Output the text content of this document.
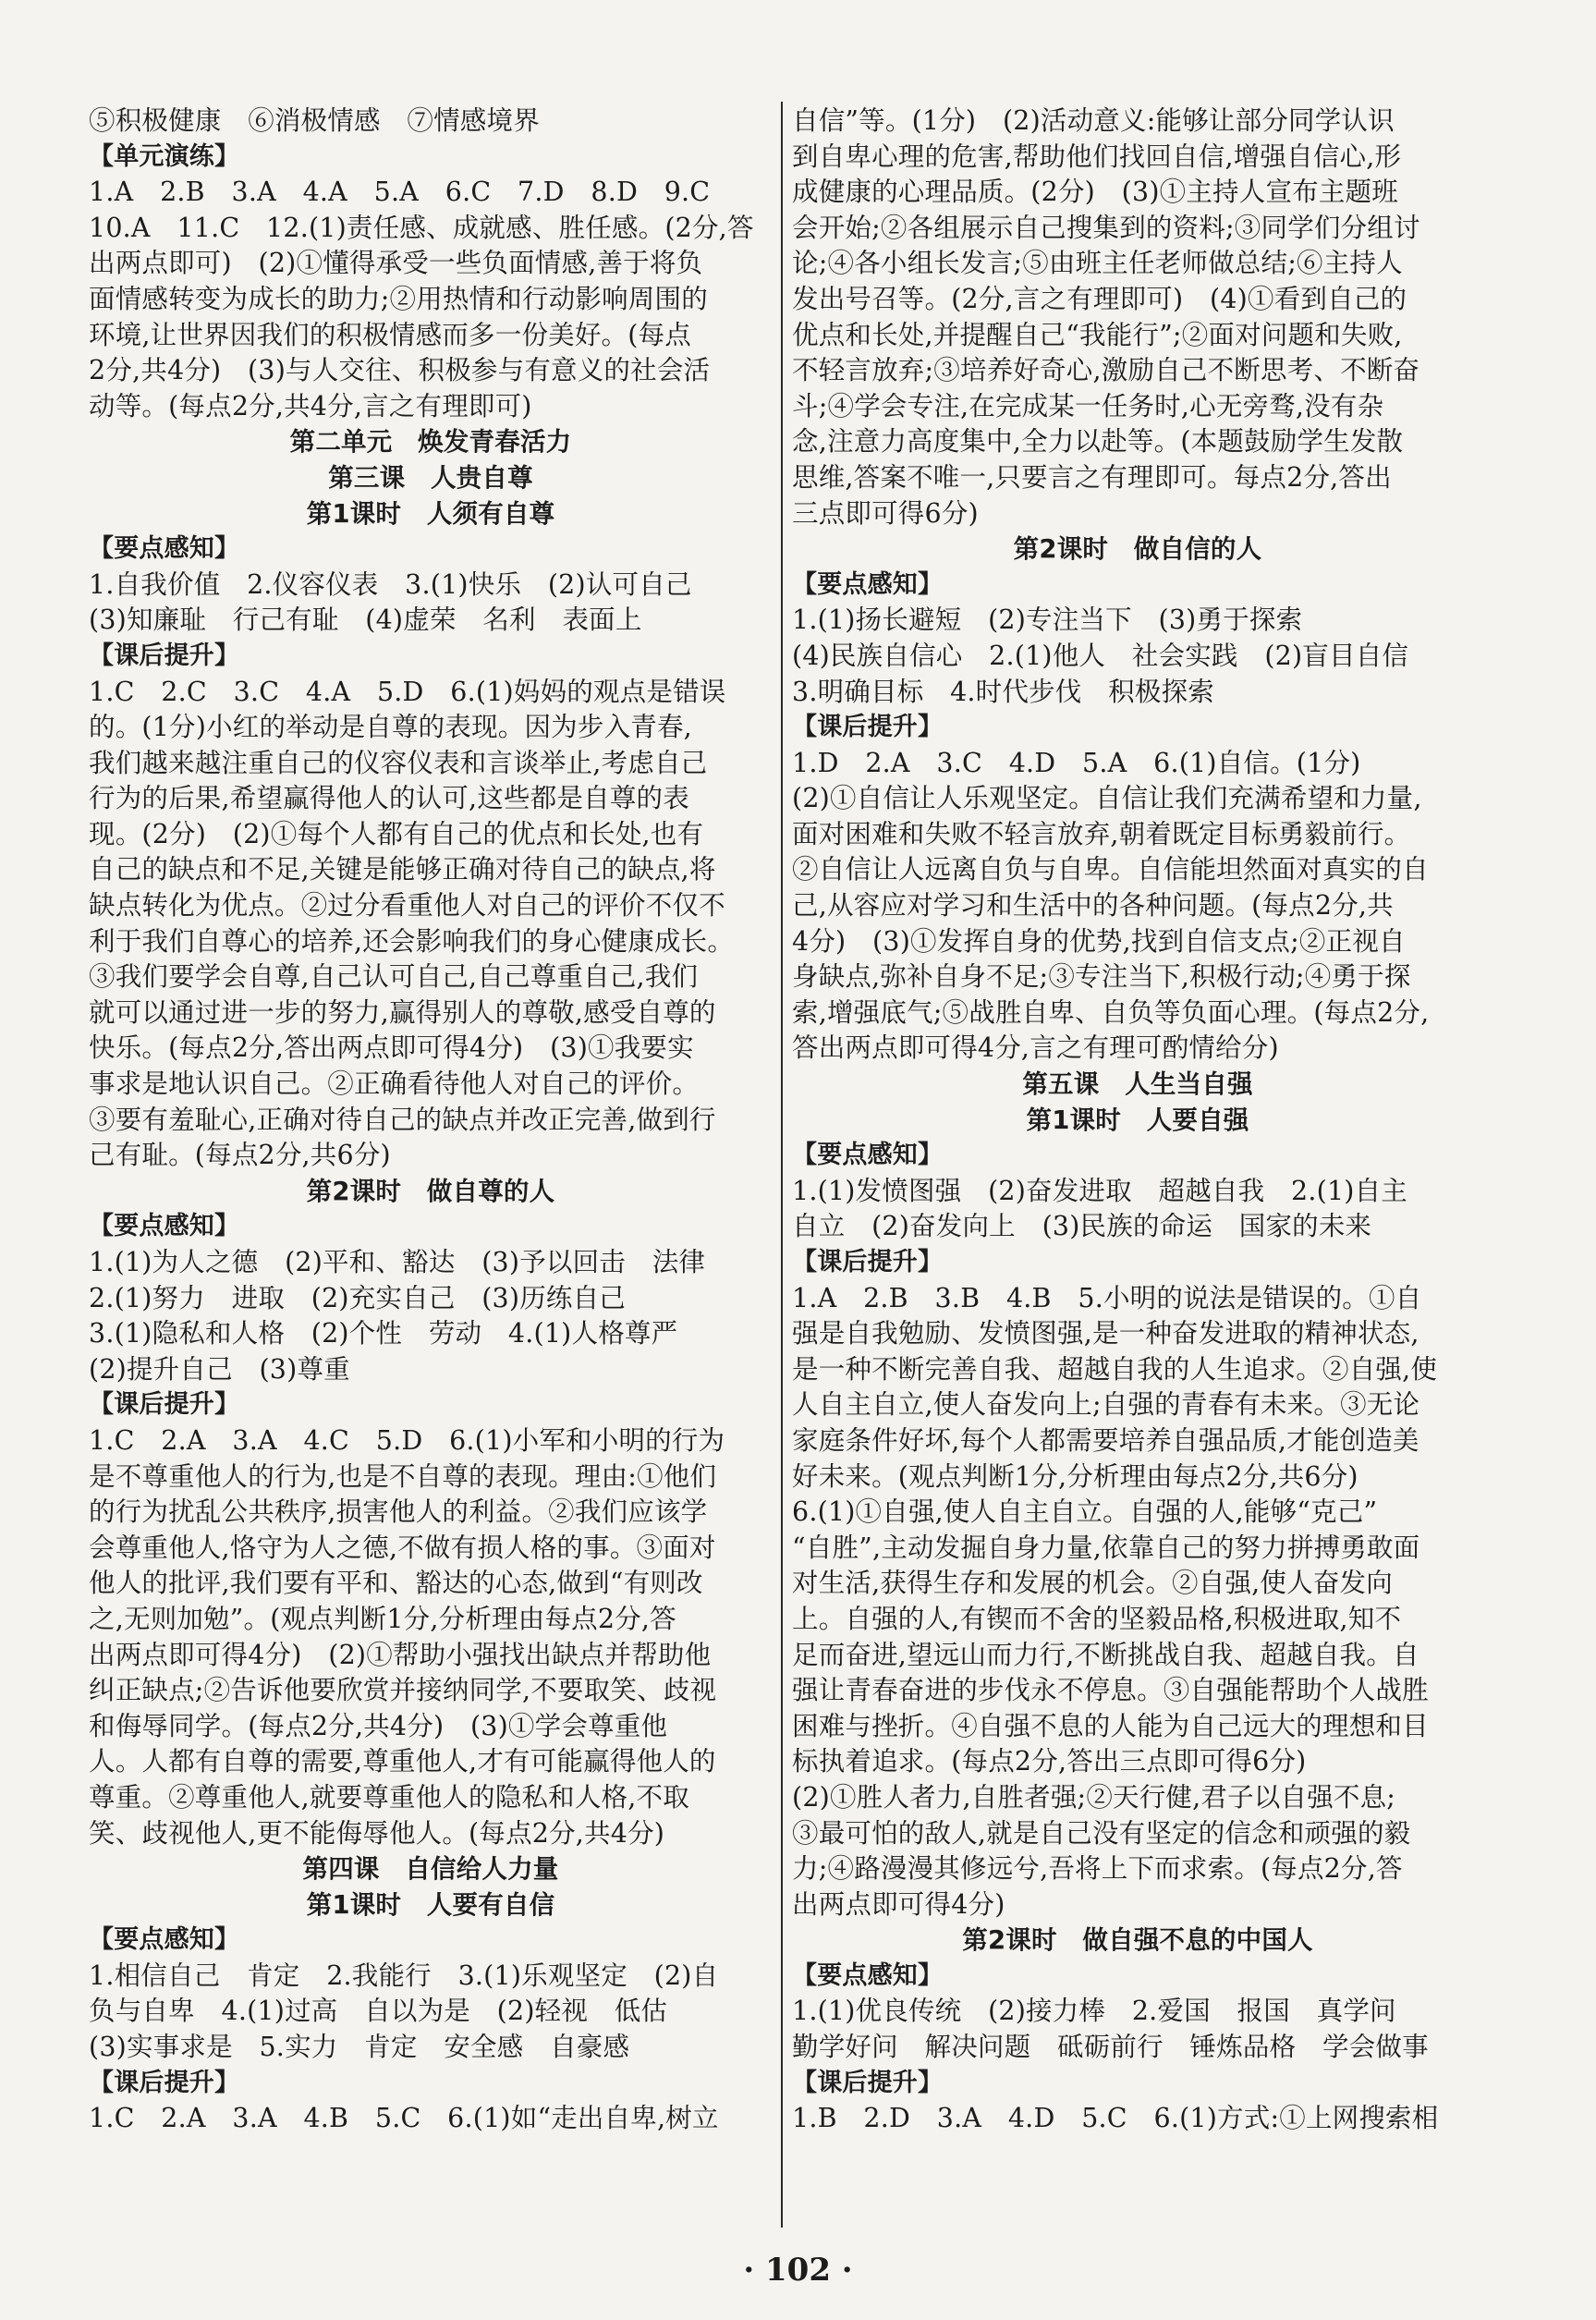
⑤积极健康　⑥消极情感　⑦情感境界
【单元演练】
1.A　2.B　3.A　4.A　5.A　6.C　7.D　8.D　9.C
10.A　11.C　12.(1)责任感、成就感、胜任感。(2分,答
出两点即可)　(2)①懂得承受一些负面情感,善于将负
面情感转变为成长的助力;②用热情和行动影响周围的
环境,让世界因我们的积极情感而多一份美好。(每点
2分,共4分)　(3)与人交往、积极参与有意义的社会活
动等。(每点2分,共4分,言之有理即可)
第二单元　焕发青春活力
第三课　人贵自尊
第1课时　人须有自尊
【要点感知】
1.自我价值　2.仪容仪表　3.(1)快乐　(2)认可自己
(3)知廉耻　行己有耻　(4)虚荣　名利　表面上
【课后提升】
1.C　2.C　3.C　4.A　5.D　6.(1)妈妈的观点是错误
的。(1分)小红的举动是自尊的表现。因为步入青春,
我们越来越注重自己的仪容仪表和言谈举止,考虑自己
行为的后果,希望赢得他人的认可,这些都是自尊的表
现。(2分)　(2)①每个人都有自己的优点和长处,也有
自己的缺点和不足,关键是能够正确对待自己的缺点,将
缺点转化为优点。②过分看重他人对自己的评价不仅不
利于我们自尊心的培养,还会影响我们的身心健康成长。
③我们要学会自尊,自己认可自己,自己尊重自己,我们
就可以通过进一步的努力,赢得别人的尊敬,感受自尊的
快乐。(每点2分,答出两点即可得4分)　(3)①我要实
事求是地认识自己。②正确看待他人对自己的评价。
③要有羞耻心,正确对待自己的缺点并改正完善,做到行
己有耻。(每点2分,共6分)
第2课时　做自尊的人
【要点感知】
1.(1)为人之德　(2)平和、豁达　(3)予以回击　法律
2.(1)努力　进取　(2)充实自己　(3)历练自己
3.(1)隐私和人格　(2)个性　劳动　4.(1)人格尊严
(2)提升自己　(3)尊重
【课后提升】
1.C　2.A　3.A　4.C　5.D　6.(1)小军和小明的行为
是不尊重他人的行为,也是不自尊的表现。理由:①他们
的行为扰乱公共秩序,损害他人的利益。②我们应该学
会尊重他人,恪守为人之德,不做有损人格的事。③面对
他人的批评,我们要有平和、豁达的心态,做到“有则改
之,无则加勉”。(观点判断1分,分析理由每点2分,答
出两点即可得4分)　(2)①帮助小强找出缺点并帮助他
纠正缺点;②告诉他要欣赏并接纳同学,不要取笑、歧视
和侮辱同学。(每点2分,共4分)　(3)①学会尊重他
人。人都有自尊的需要,尊重他人,才有可能赢得他人的
尊重。②尊重他人,就要尊重他人的隐私和人格,不取
笑、歧视他人,更不能侮辱他人。(每点2分,共4分)
第四课　自信给人力量
第1课时　人要有自信
【要点感知】
1.相信自己　肯定　2.我能行　3.(1)乐观坚定　(2)自
负与自卑　4.(1)过高　自以为是　(2)轻视　低估
(3)实事求是　5.实力　肯定　安全感　自豪感
【课后提升】
1.C　2.A　3.A　4.B　5.C　6.(1)如“走出自卑,树立
自信”等。(1分)　(2)活动意义:能够让部分同学认识
到自卑心理的危害,帮助他们找回自信,增强自信心,形
成健康的心理品质。(2分)　(3)①主持人宣布主题班
会开始;②各组展示自己搜集到的资料;③同学们分组讨
论;④各小组长发言;⑤由班主任老师做总结;⑥主持人
发出号召等。(2分,言之有理即可)　(4)①看到自己的
优点和长处,并提醒自己“我能行”;②面对问题和失败,
不轻言放弃;③培养好奇心,激励自己不断思考、不断奋
斗;④学会专注,在完成某一任务时,心无旁骛,没有杂
念,注意力高度集中,全力以赴等。(本题鼓励学生发散
思维,答案不唯一,只要言之有理即可。每点2分,答出
三点即可得6分)
第2课时　做自信的人
【要点感知】
1.(1)扬长避短　(2)专注当下　(3)勇于探索
(4)民族自信心　2.(1)他人　社会实践　(2)盲目自信
3.明确目标　4.时代步伐　积极探索
【课后提升】
1.D　2.A　3.C　4.D　5.A　6.(1)自信。(1分)
(2)①自信让人乐观坚定。自信让我们充满希望和力量,
面对困难和失败不轻言放弃,朝着既定目标勇毅前行。
②自信让人远离自负与自卑。自信能坦然面对真实的自
己,从容应对学习和生活中的各种问题。(每点2分,共
4分)　(3)①发挥自身的优势,找到自信支点;②正视自
身缺点,弥补自身不足;③专注当下,积极行动;④勇于探
索,增强底气;⑤战胜自卑、自负等负面心理。(每点2分,
答出两点即可得4分,言之有理可酌情给分)
第五课　人生当自强
第1课时　人要自强
【要点感知】
1.(1)发愤图强　(2)奋发进取　超越自我　2.(1)自主
自立　(2)奋发向上　(3)民族的命运　国家的未来
【课后提升】
1.A　2.B　3.B　4.B　5.小明的说法是错误的。①自
强是自我勉励、发愤图强,是一种奋发进取的精神状态,
是一种不断完善自我、超越自我的人生追求。②自强,使
人自主自立,使人奋发向上;自强的青春有未来。③无论
家庭条件好坏,每个人都需要培养自强品质,才能创造美
好未来。(观点判断1分,分析理由每点2分,共6分)
6.(1)①自强,使人自主自立。自强的人,能够“克己”
“自胜”,主动发掘自身力量,依靠自己的努力拼搏勇敢面
对生活,获得生存和发展的机会。②自强,使人奋发向
上。自强的人,有锲而不舍的坚毅品格,积极进取,知不
足而奋进,望远山而力行,不断挑战自我、超越自我。自
强让青春奋进的步伐永不停息。③自强能帮助个人战胜
困难与挫折。④自强不息的人能为自己远大的理想和目
标执着追求。(每点2分,答出三点即可得6分)
(2)①胜人者力,自胜者强;②天行健,君子以自强不息;
③最可怕的敌人,就是自己没有坚定的信念和顽强的毅
力;④路漫漫其修远兮,吾将上下而求索。(每点2分,答
出两点即可得4分)
第2课时　做自强不息的中国人
【要点感知】
1.(1)优良传统　(2)接力棒　2.爱国　报国　真学问
勤学好问　解决问题　砥砺前行　锤炼品格　学会做事
【课后提升】
1.B　2.D　3.A　4.D　5.C　6.(1)方式:①上网搜索相
· 102 ·
